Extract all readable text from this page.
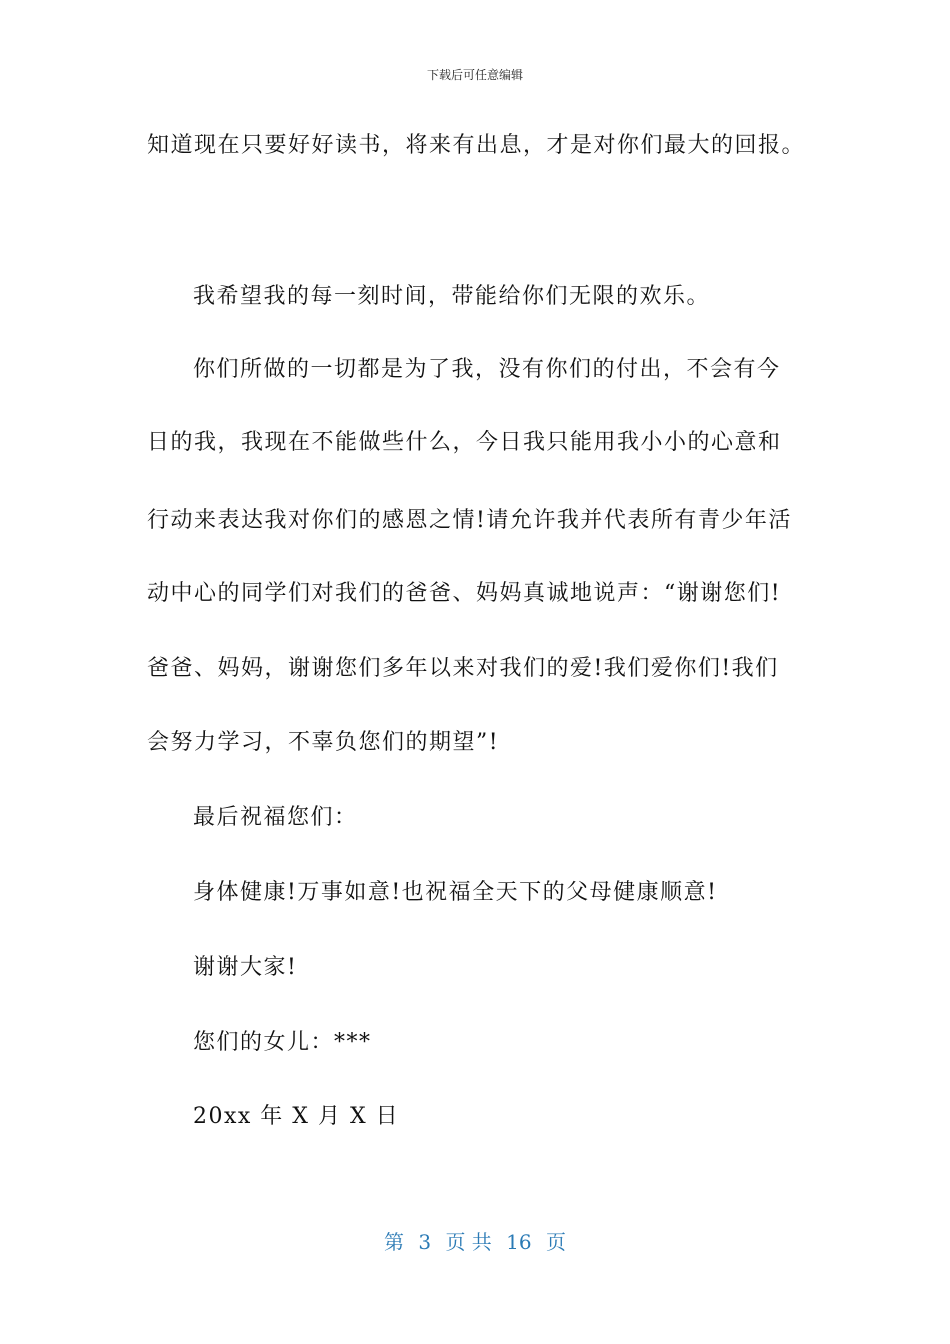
下载后可任意编辑
知道现在只要好好读书，将来有出息，才是对你们最大的回报。
我希望我的每一刻时间，带能给你们无限的欢乐。
你们所做的一切都是为了我，没有你们的付出，不会有今
日的我，我现在不能做些什么，今日我只能用我小小的心意和
行动来表达我对你们的感恩之情!请允许我并代表所有青少年活
动中心的同学们对我们的爸爸、妈妈真诚地说声：“谢谢您们!
爸爸、妈妈，谢谢您们多年以来对我们的爱!我们爱你们!我们
会努力学习，不辜负您们的期望”!
最后祝福您们：
身体健康!万事如意!也祝福全天下的父母健康顺意!
谢谢大家!
您们的女儿：***
20xx 年 X 月 X 日
第 3 页 共 16 页
